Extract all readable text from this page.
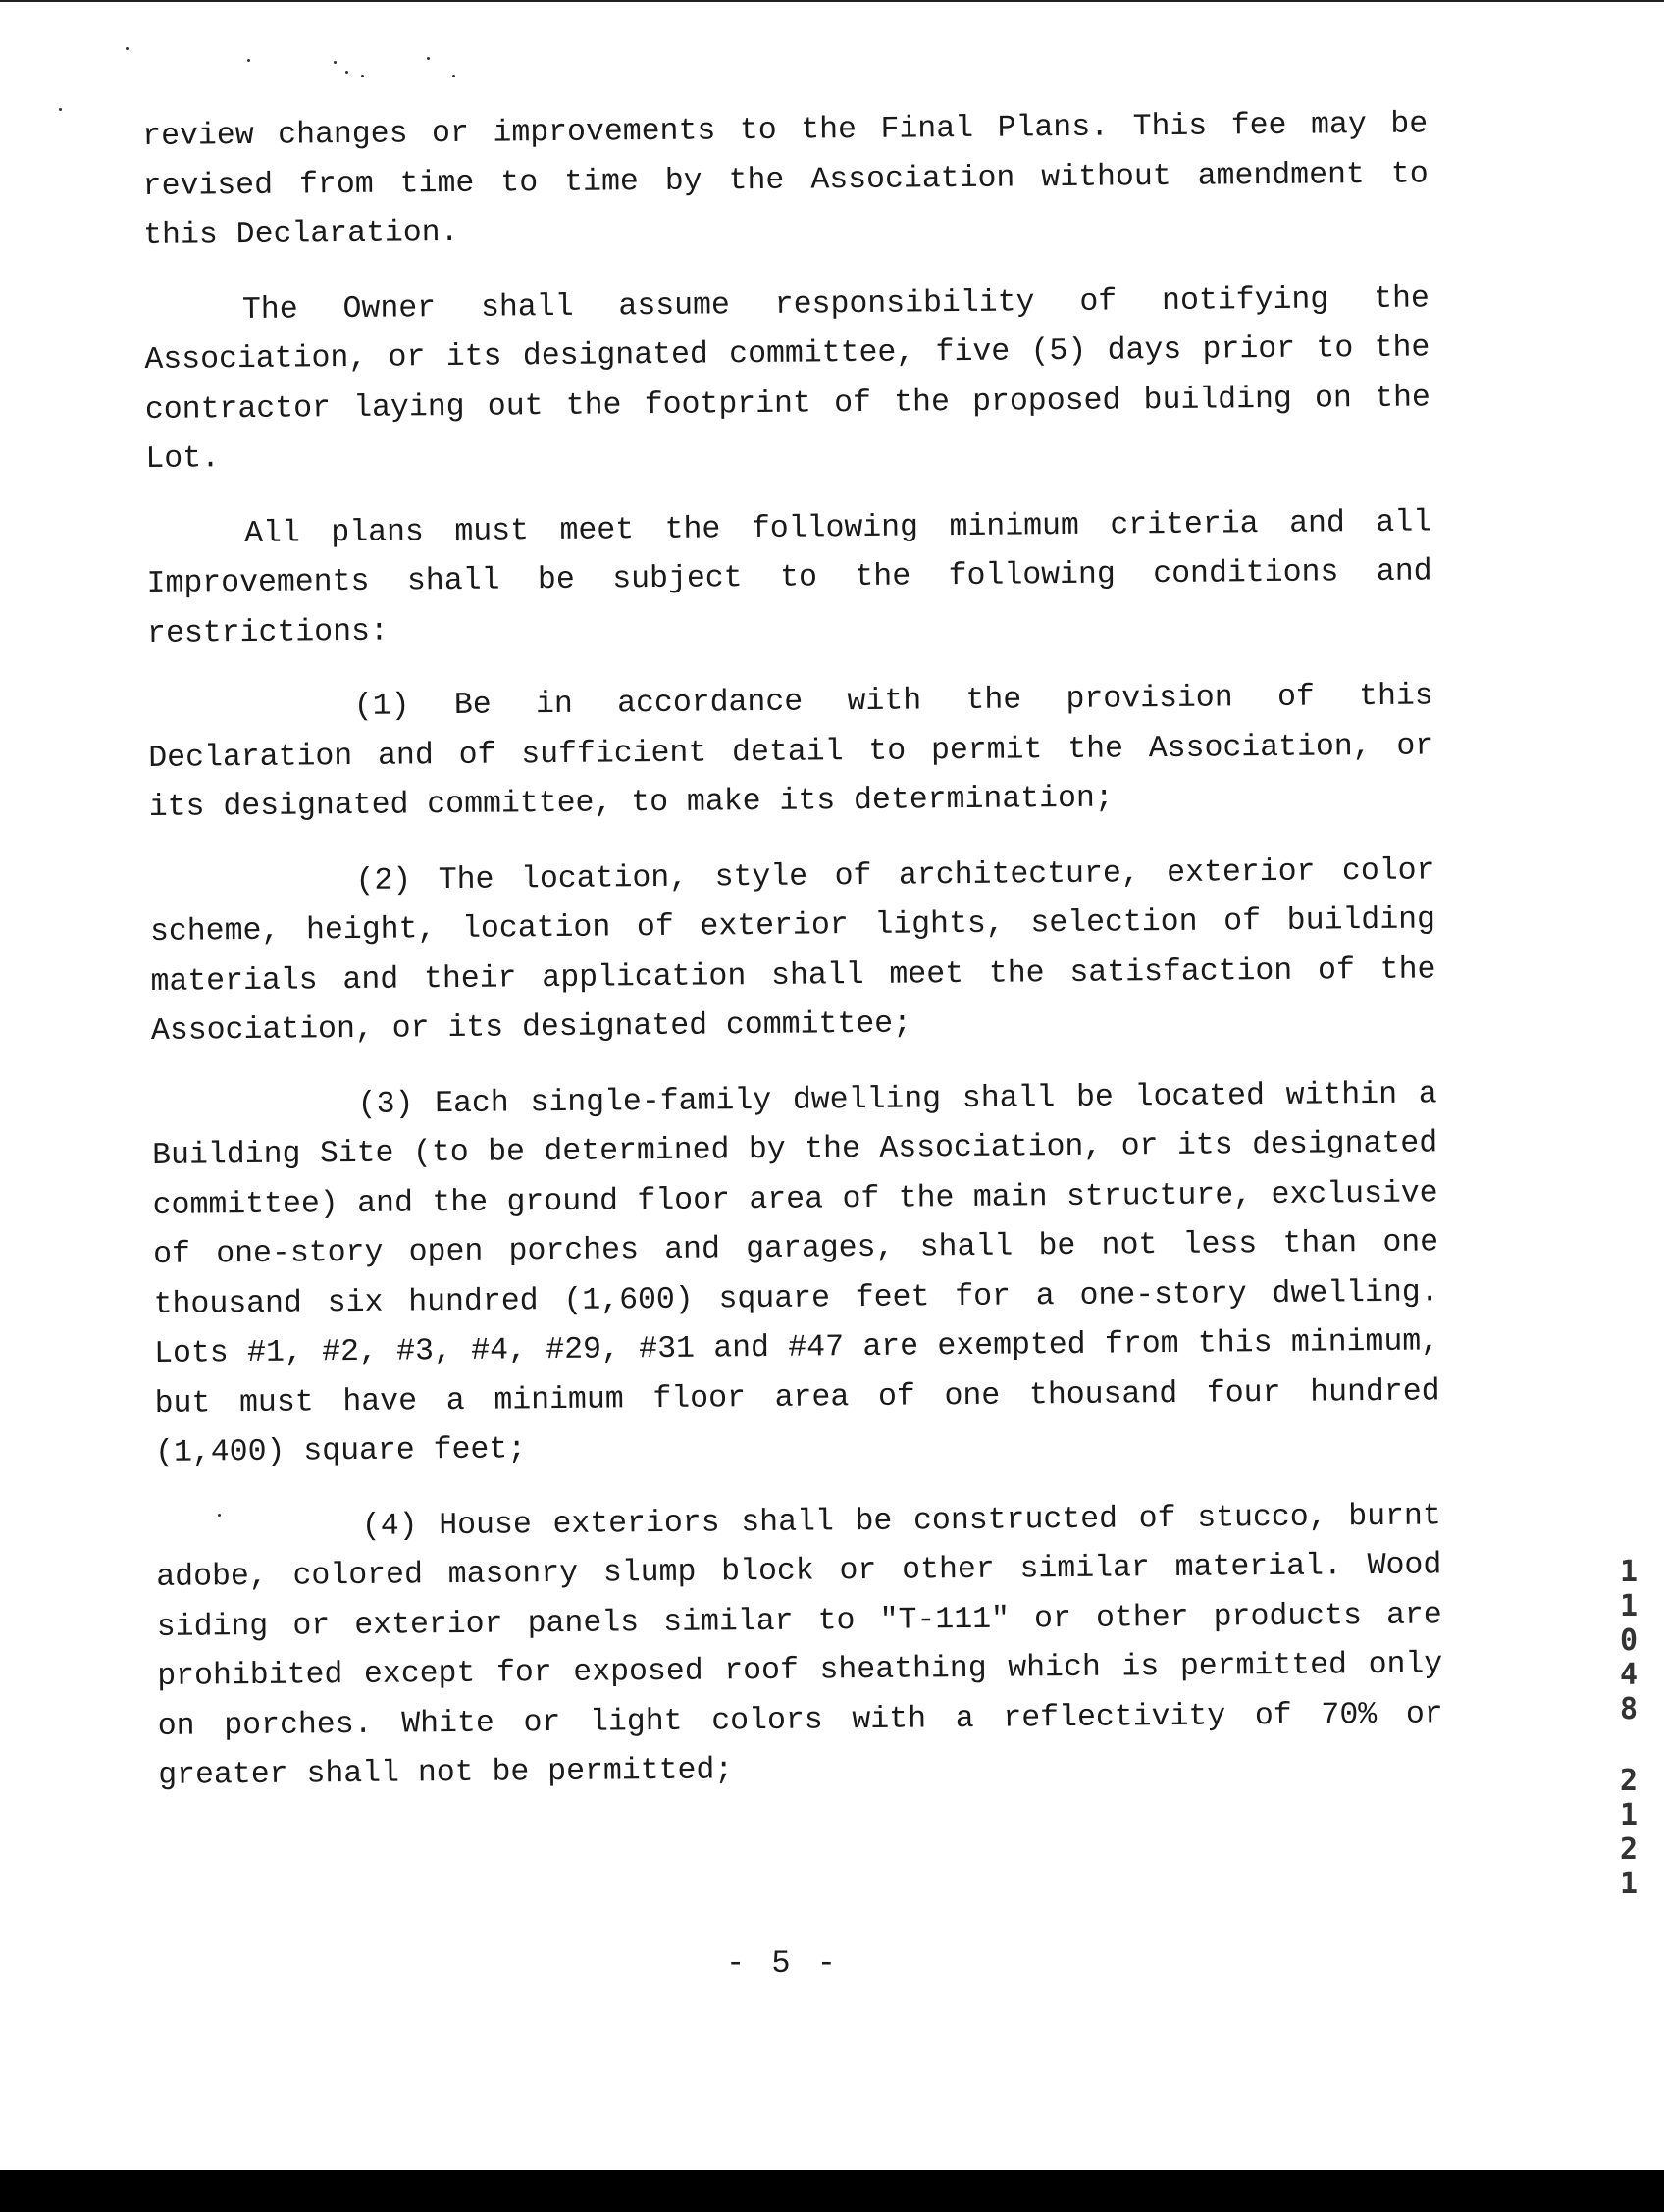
review changes or improvements to the Final Plans. This fee may be revised from time to time by the Association without amendment to this Declaration.

The Owner shall assume responsibility of notifying the Association, or its designated committee, five (5) days prior to the contractor laying out the footprint of the proposed building on the Lot.

All plans must meet the following minimum criteria and all Improvements shall be subject to the following conditions and restrictions:

(1) Be in accordance with the provision of this Declaration and of sufficient detail to permit the Association, or its designated committee, to make its determination;

(2) The location, style of architecture, exterior color scheme, height, location of exterior lights, selection of building materials and their application shall meet the satisfaction of the Association, or its designated committee;

(3) Each single-family dwelling shall be located within a Building Site (to be determined by the Association, or its designated committee) and the ground floor area of the main structure, exclusive of one-story open porches and garages, shall be not less than one thousand six hundred (1,600) square feet for a one-story dwelling. Lots #1, #2, #3, #4, #29, #31 and #47 are exempted from this minimum, but must have a minimum floor area of one thousand four hundred (1,400) square feet;

(4) House exteriors shall be constructed of stucco, burnt adobe, colored masonry slump block or other similar material. Wood siding or exterior panels similar to "T-111" or other products are prohibited except for exposed roof sheathing which is permitted only on porches. White or light colors with a reflectivity of 70% or greater shall not be permitted;

- 5 -
1
1
0
4
8
2
1
2
1
